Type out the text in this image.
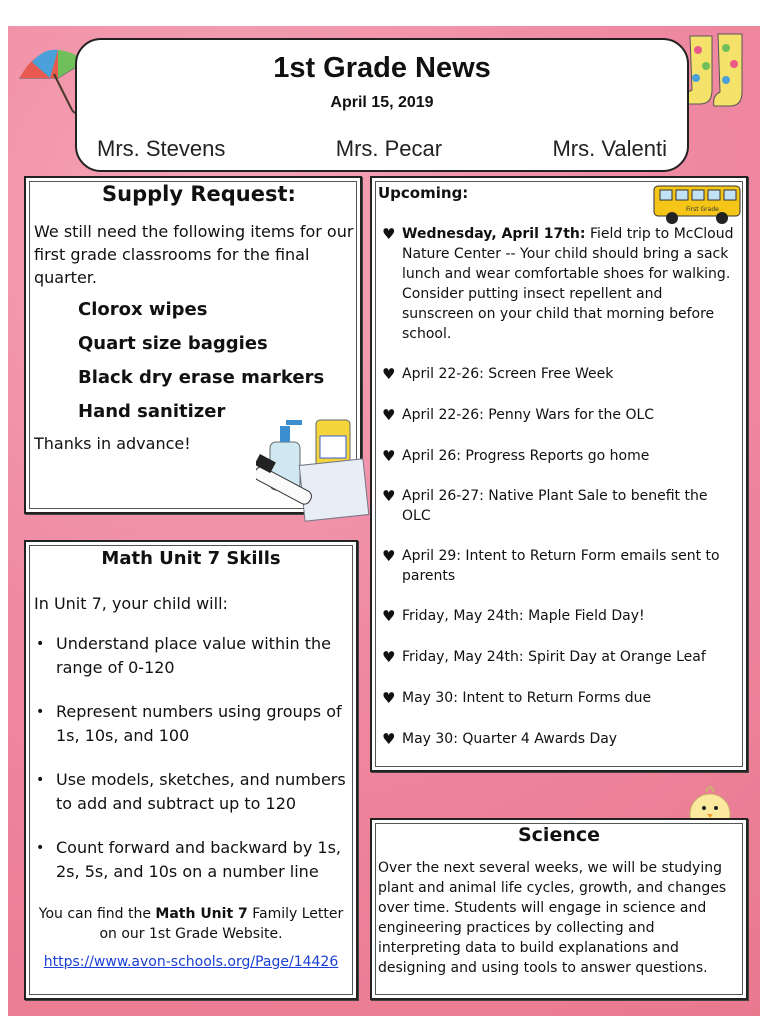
1st Grade News
April 15, 2019
Mrs. Stevens	Mrs. Pecar	Mrs. Valenti
Supply Request:
We still need the following items for our first grade classrooms for the final quarter.
Clorox wipes
Quart size baggies
Black dry erase markers
Hand sanitizer
Thanks in advance!
Math Unit 7 Skills
In Unit 7, your child will:
• Understand place value within the range of 0-120
• Represent numbers using groups of 1s, 10s, and 100
• Use models, sketches, and numbers to add and subtract up to 120
• Count forward and backward by 1s, 2s, 5s, and 10s on a number line
You can find the Math Unit 7 Family Letter on our 1st Grade Website.
https://www.avon-schools.org/Page/14426
Upcoming:
♥ Wednesday, April 17th: Field trip to McCloud Nature Center -- Your child should bring a sack lunch and wear comfortable shoes for walking. Consider putting insect repellent and sunscreen on your child that morning before school.
♥ April 22-26: Screen Free Week
♥ April 22-26: Penny Wars for the OLC
♥ April 26: Progress Reports go home
♥ April 26-27: Native Plant Sale to benefit the OLC
♥ April 29: Intent to Return Form emails sent to parents
♥ Friday, May 24th: Maple Field Day!
♥ Friday, May 24th: Spirit Day at Orange Leaf
♥ May 30: Intent to Return Forms due
♥ May 30: Quarter 4 Awards Day
First Grade
Science

Over the next several weeks, we will be studying plant and animal life cycles, growth, and changes over time. Students will engage in science and engineering practices by collecting and interpreting data to build explanations and designing and using tools to answer questions.
